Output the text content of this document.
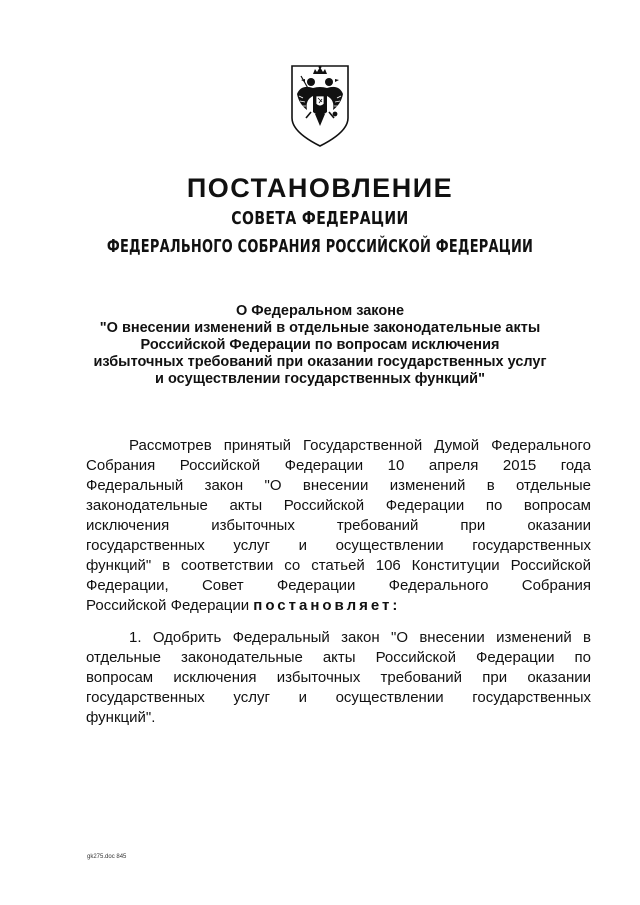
ПОСТАНОВЛЕНИЕ
СОВЕТА ФЕДЕРАЦИИ
ФЕДЕРАЛЬНОГО СОБРАНИЯ РОССИЙСКОЙ ФЕДЕРАЦИИ
О Федеральном законе
"О внесении изменений в отдельные законодательные акты
Российской Федерации по вопросам исключения
избыточных требований при оказании государственных услуг
и осуществлении государственных функций"
Рассмотрев принятый Государственной Думой Федерального
Собрания Российской Федерации 10 апреля 2015 года
Федеральный закон "О внесении изменений в отдельные
законодательные акты Российской Федерации по вопросам
исключения избыточных требований при оказании
государственных услуг и осуществлении государственных
функций" в соответствии со статьей 106 Конституции Российской
Федерации, Совет Федерации Федерального Собрания
Российской Федерации постановляет:
1. Одобрить Федеральный закон "О внесении изменений в
отдельные законодательные акты Российской Федерации по
вопросам исключения избыточных требований при оказании
государственных услуг и осуществлении государственных
функций".
gk275.doc 845
